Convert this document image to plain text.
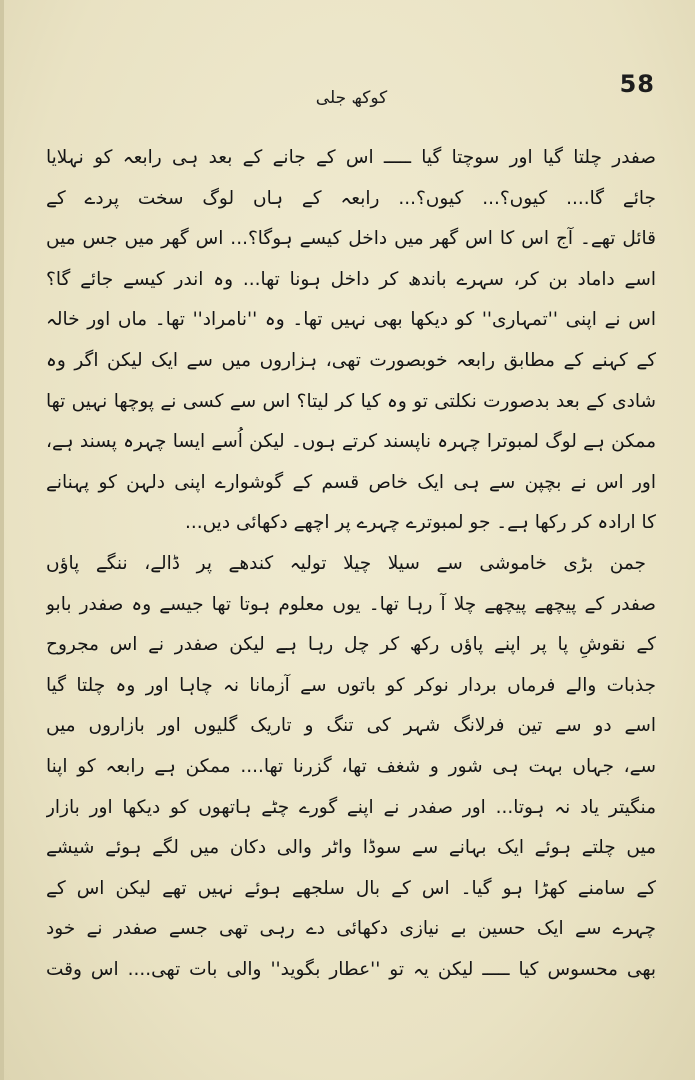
58
کوکھ جلی
صفدر چلتا گیا اور سوچتا گیا ـــــ اس کے جانے کے بعد ہی رابعہ کو نہلایا
جائے گا.... کیوں؟... کیوں؟... رابعہ کے ہاں لوگ سخت پردے کے
قائل تھے۔ آج اس کا اس گھر میں داخل کیسے ہوگا؟... اس گھر میں جس میں
اسے داماد بن کر، سہرے باندھ کر داخل ہونا تھا... وہ اندر کیسے جائے گا؟
اس نے اپنی ''تمہاری'' کو دیکھا بھی نہیں تھا۔ وہ ''نامراد'' تھا۔ ماں اور خالہ
کے کہنے کے مطابق رابعہ خوبصورت تھی، ہزاروں میں سے ایک لیکن اگر وہ
شادی کے بعد بدصورت نکلتی تو وہ کیا کر لیتا؟ اس سے کسی نے پوچھا نہیں تھا
ممکن ہے لوگ لمبوترا چہرہ ناپسند کرتے ہوں۔ لیکن اُسے ایسا چہرہ پسند ہے،
اور اس نے بچپن سے ہی ایک خاص قسم کے گوشوارے اپنی دلہن کو پہنانے
کا ارادہ کر رکھا ہے۔ جو لمبوترے چہرے پر اچھے دکھائی دیں...
جمن بڑی خاموشی سے سیلا چیلا تولیہ کندھے پر ڈالے، ننگے پاؤں
صفدر کے پیچھے پیچھے چلا آ رہا تھا۔ یوں معلوم ہوتا تھا جیسے وہ صفدر بابو
کے نقوشِ پا پر اپنے پاؤں رکھ کر چل رہا ہے لیکن صفدر نے اس مجروح
جذبات والے فرماں بردار نوکر کو باتوں سے آزمانا نہ چاہا اور وہ چلتا گیا
اسے دو سے تین فرلانگ شہر کی تنگ و تاریک گلیوں اور بازاروں میں
سے، جہاں بہت ہی شور و شغف تھا، گزرنا تھا.... ممکن ہے رابعہ کو اپنا
منگیتر یاد نہ ہوتا... اور صفدر نے اپنے گورے چٹے ہاتھوں کو دیکھا اور بازار
میں چلتے ہوئے ایک بہانے سے سوڈا واٹر والی دکان میں لگے ہوئے شیشے
کے سامنے کھڑا ہو گیا۔ اس کے بال سلجھے ہوئے نہیں تھے لیکن اس کے
چہرے سے ایک حسین بے نیازی دکھائی دے رہی تھی جسے صفدر نے خود
بھی محسوس کیا ـــــ لیکن یہ تو ''عطار بگوید'' والی بات تھی.... اس وقت
